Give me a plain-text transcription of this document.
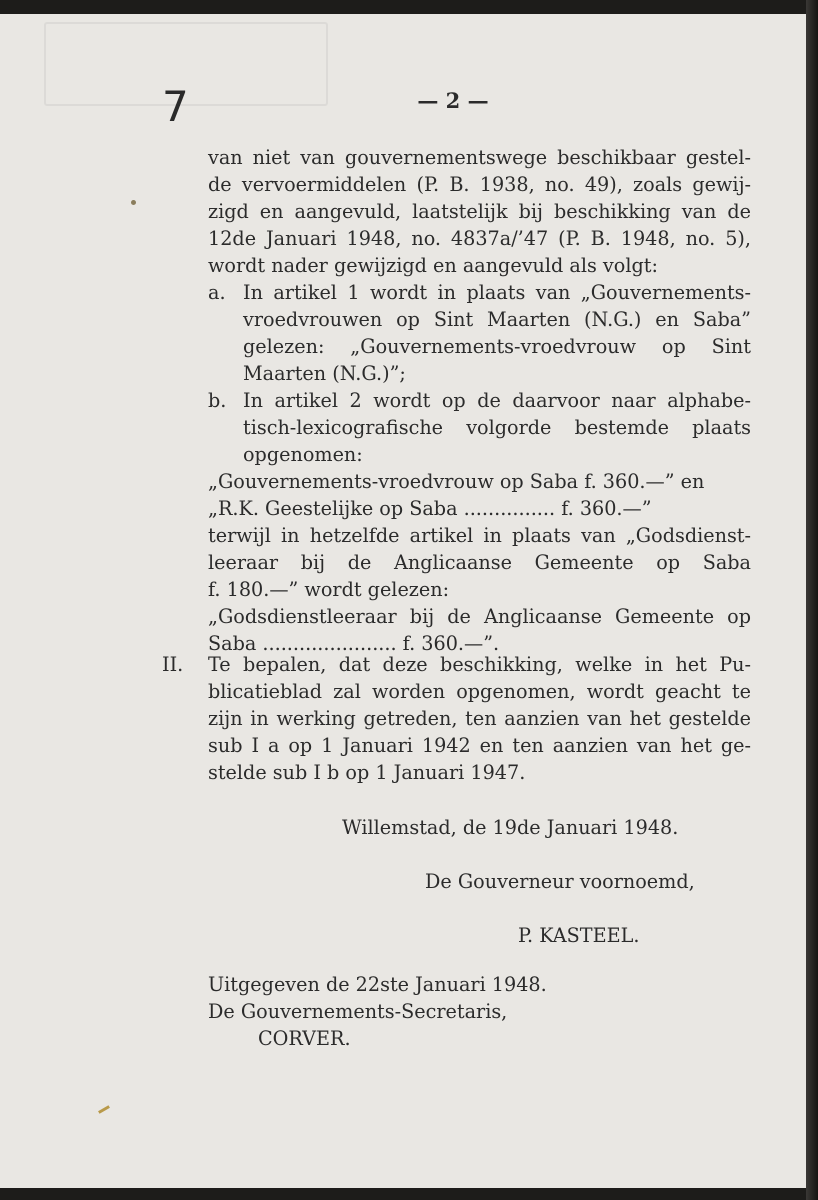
7	— 2 —
van niet van gouvernementswege beschikbaar gestel-
de vervoermiddelen (P. B. 1938, no. 49), zoals gewij-
zigd en aangevuld, laatstelijk bij beschikking van de
12de Januari 1948, no. 4837a/’47 (P. B. 1948, no. 5),
wordt nader gewijzigd en aangevuld als volgt:
a. In artikel 1 wordt in plaats van „Gouvernements-
vroedvrouwen op Sint Maarten (N.G.) en Saba”
gelezen: „Gouvernements-vroedvrouw op Sint
Maarten (N.G.)”;
b. In artikel 2 wordt op de daarvoor naar alphabe-
tisch-lexicografische volgorde bestemde plaats
opgenomen:
„Gouvernements-vroedvrouw op Saba f. 360.—” en
„R.K. Geestelijke op Saba ............... f. 360.—”
terwijl in hetzelfde artikel in plaats van „Godsdienst-
leeraar bij de Anglicaanse Gemeente op Saba
f. 180.—” wordt gelezen:
„Godsdienstleeraar bij de Anglicaanse Gemeente op
Saba ...................... f. 360.—”.
II. Te bepalen, dat deze beschikking, welke in het Pu-
blicatieblad zal worden opgenomen, wordt geacht te
zijn in werking getreden, ten aanzien van het gestelde
sub I a op 1 Januari 1942 en ten aanzien van het ge-
stelde sub I b op 1 Januari 1947.
Willemstad, de 19de Januari 1948.
De Gouverneur voornoemd,
P. KASTEEL.
Uitgegeven de 22ste Januari 1948.
De Gouvernements-Secretaris,
CORVER.
